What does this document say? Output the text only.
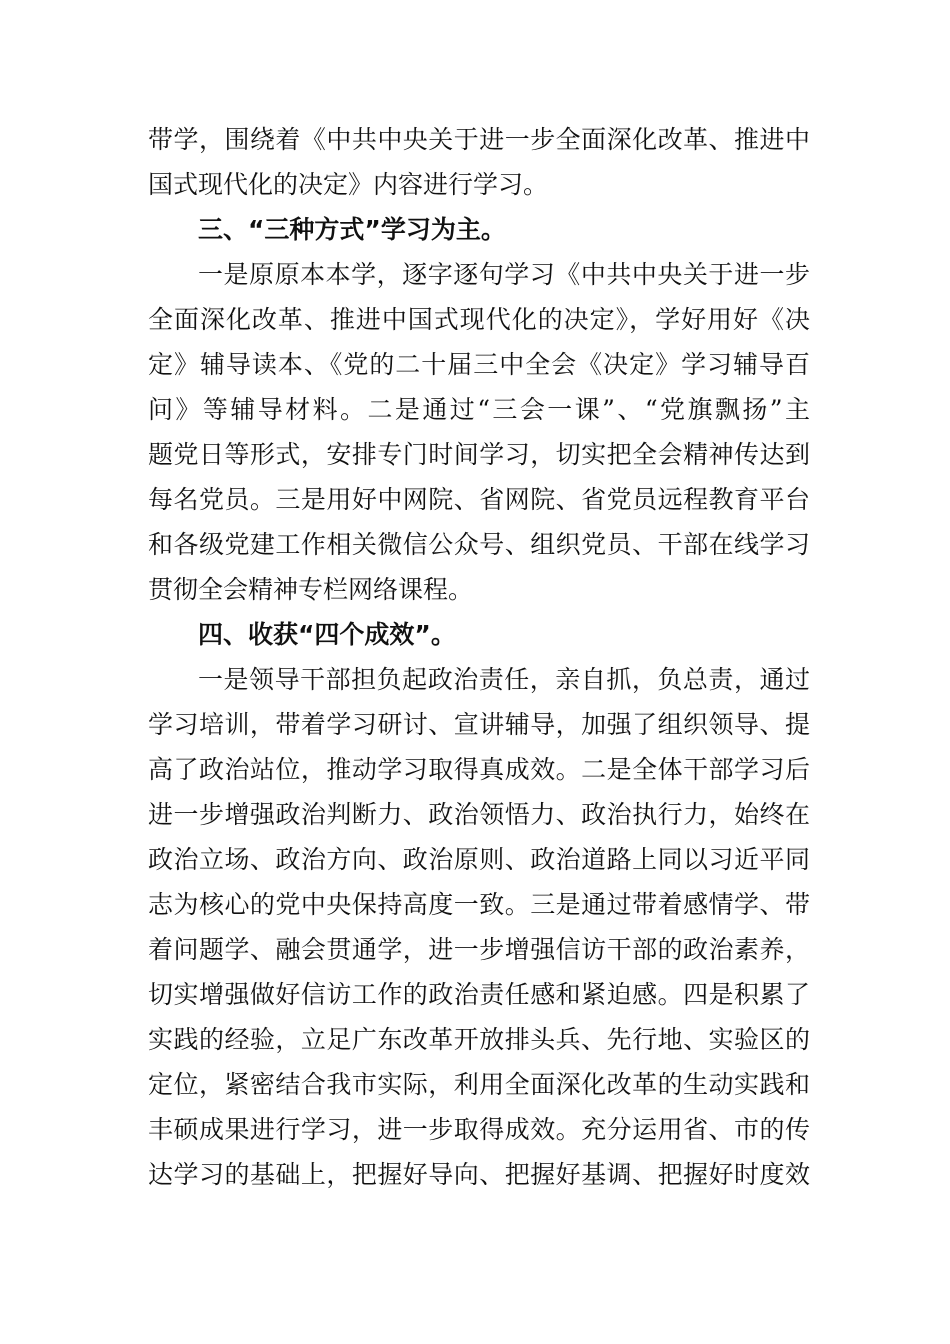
带学，围绕着《中共中央关于进一步全面深化改革、推进中
国式现代化的决定》内容进行学习。
三、“三种方式”学习为主。
一是原原本本学，逐字逐句学习《中共中央关于进一步
全面深化改革、推进中国式现代化的决定》，学好用好《决
定》辅导读本、《党的二十届三中全会《决定》学习辅导百
问》等辅导材料。二是通过“三会一课”、“党旗飘扬”主
题党日等形式，安排专门时间学习，切实把全会精神传达到
每名党员。三是用好中网院、省网院、省党员远程教育平台
和各级党建工作相关微信公众号、组织党员、干部在线学习
贯彻全会精神专栏网络课程。
四、收获“四个成效”。
一是领导干部担负起政治责任，亲自抓，负总责，通过
学习培训，带着学习研讨、宣讲辅导，加强了组织领导、提
高了政治站位，推动学习取得真成效。二是全体干部学习后
进一步增强政治判断力、政治领悟力、政治执行力，始终在
政治立场、政治方向、政治原则、政治道路上同以习近平同
志为核心的党中央保持高度一致。三是通过带着感情学、带
着问题学、融会贯通学，进一步增强信访干部的政治素养，
切实增强做好信访工作的政治责任感和紧迫感。四是积累了
实践的经验，立足广东改革开放排头兵、先行地、实验区的
定位，紧密结合我市实际，利用全面深化改革的生动实践和
丰硕成果进行学习，进一步取得成效。充分运用省、市的传
达学习的基础上，把握好导向、把握好基调、把握好时度效
